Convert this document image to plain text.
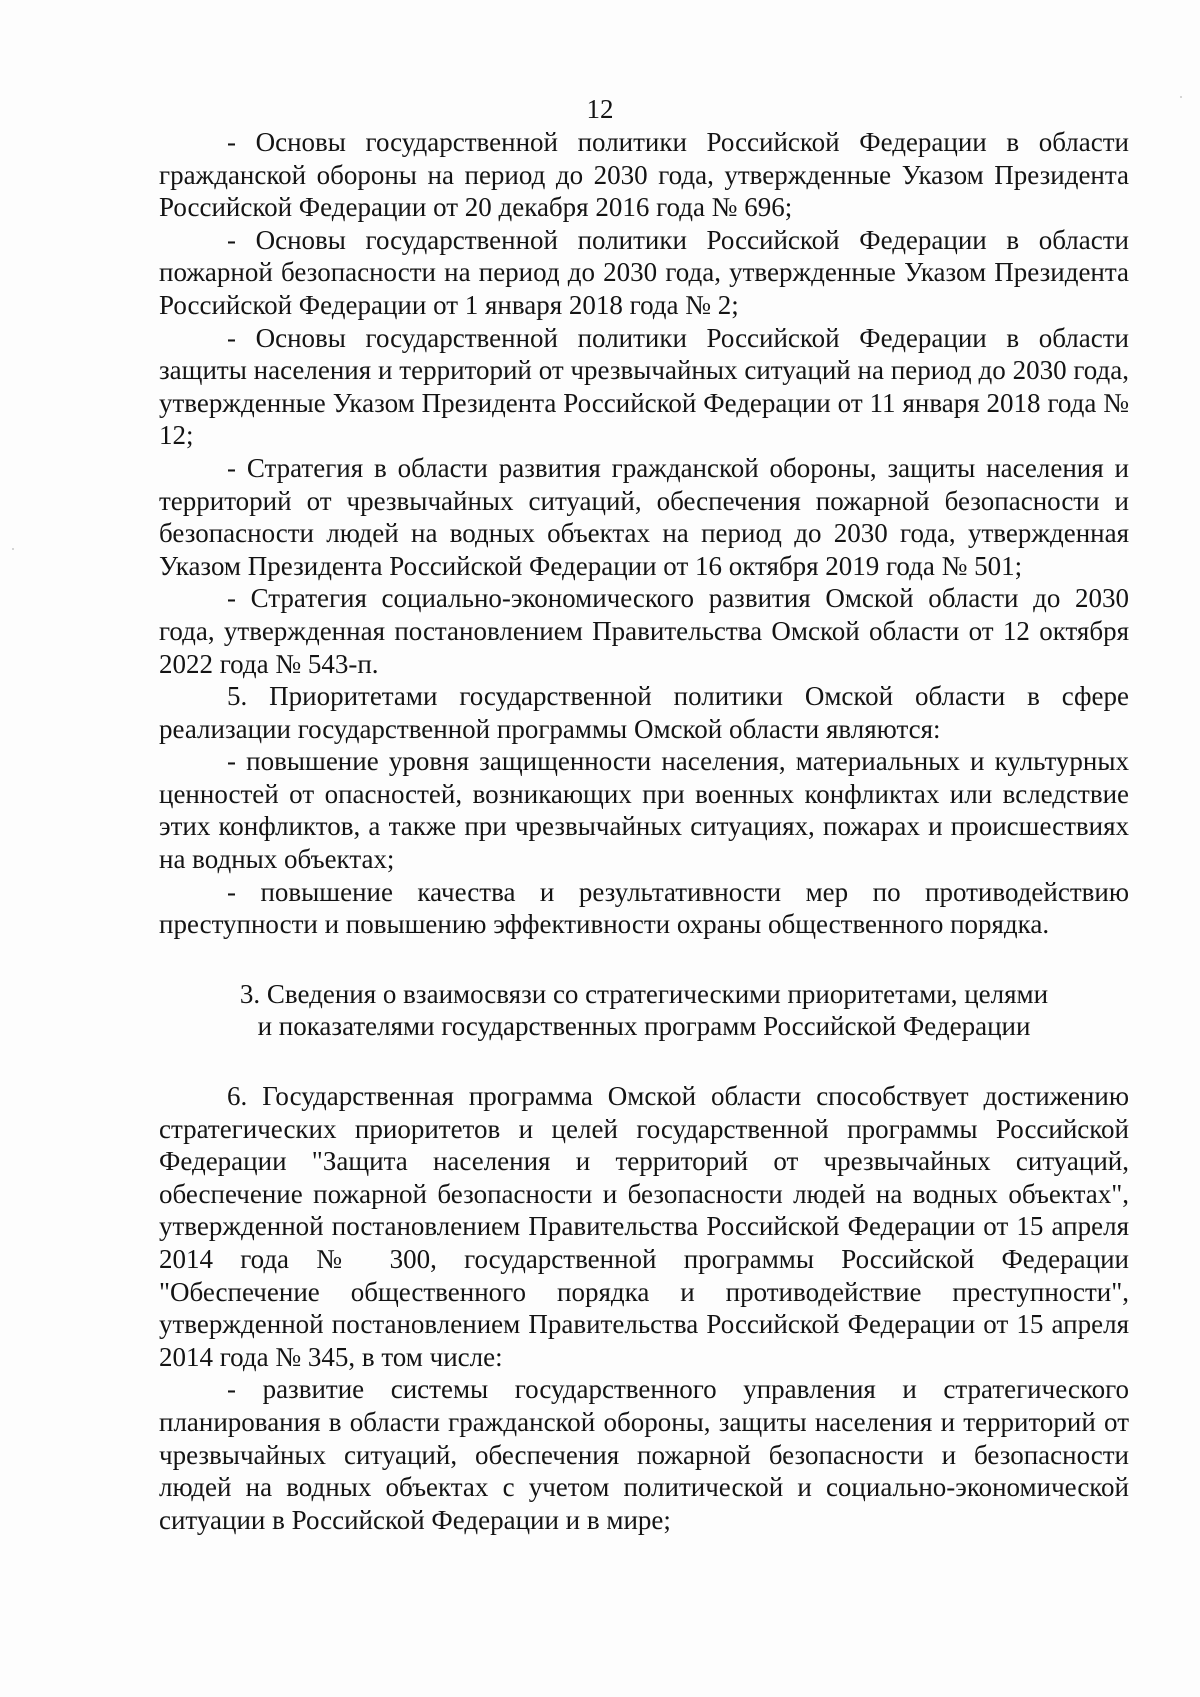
12

- Основы государственной политики Российской Федерации в области гражданской обороны на период до 2030 года, утвержденные Указом Президента Российской Федерации от 20 декабря 2016 года № 696;

- Основы государственной политики Российской Федерации в области пожарной безопасности на период до 2030 года, утвержденные Указом Президента Российской Федерации от 1 января 2018 года № 2;

- Основы государственной политики Российской Федерации в области защиты населения и территорий от чрезвычайных ситуаций на период до 2030 года, утвержденные Указом Президента Российской Федерации от 11 января 2018 года № 12;

- Стратегия в области развития гражданской обороны, защиты населения и территорий от чрезвычайных ситуаций, обеспечения пожарной безопасности и безопасности людей на водных объектах на период до 2030 года, утвержденная Указом Президента Российской Федерации от 16 октября 2019 года № 501;

- Стратегия социально-экономического развития Омской области до 2030 года, утвержденная постановлением Правительства Омской области от 12 октября 2022 года № 543-п.

5. Приоритетами государственной политики Омской области в сфере реализации государственной программы Омской области являются:

- повышение уровня защищенности населения, материальных и культурных ценностей от опасностей, возникающих при военных конфликтах или вследствие этих конфликтов, а также при чрезвычайных ситуациях, пожарах и происшествиях на водных объектах;

- повышение качества и результативности мер по противодействию преступности и повышению эффективности охраны общественного порядка.

3. Сведения о взаимосвязи со стратегическими приоритетами, целями
и показателями государственных программ Российской Федерации

6. Государственная программа Омской области способствует достижению стратегических приоритетов и целей государственной программы Российской Федерации "Защита населения и территорий от чрезвычайных ситуаций, обеспечение пожарной безопасности и безопасности людей на водных объектах", утвержденной постановлением Правительства Российской Федерации от 15 апреля 2014 года № 300, государственной программы Российской Федерации "Обеспечение общественного порядка и противодействие преступности", утвержденной постановлением Правительства Российской Федерации от 15 апреля 2014 года № 345, в том числе:

- развитие системы государственного управления и стратегического планирования в области гражданской обороны, защиты населения и территорий от чрезвычайных ситуаций, обеспечения пожарной безопасности и безопасности людей на водных объектах с учетом политической и социально-экономической ситуации в Российской Федерации и в мире;
